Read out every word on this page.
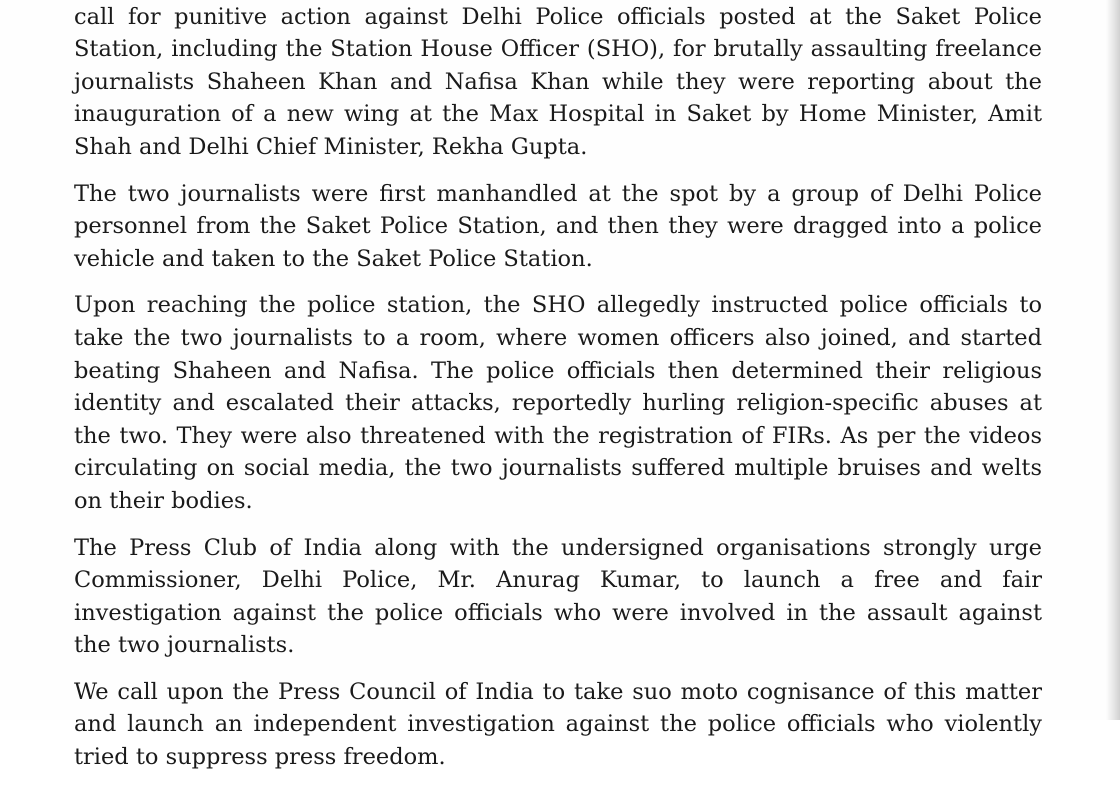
call for punitive action against Delhi Police officials posted at the Saket Police Station, including the Station House Officer (SHO), for brutally assaulting freelance journalists Shaheen Khan and Nafisa Khan while they were reporting about the inauguration of a new wing at the Max Hospital in Saket by Home Minister, Amit Shah and Delhi Chief Minister, Rekha Gupta.

The two journalists were first manhandled at the spot by a group of Delhi Police personnel from the Saket Police Station, and then they were dragged into a police vehicle and taken to the Saket Police Station.

Upon reaching the police station, the SHO allegedly instructed police officials to take the two journalists to a room, where women officers also joined, and started beating Shaheen and Nafisa. The police officials then determined their religious identity and escalated their attacks, reportedly hurling religion-specific abuses at the two. They were also threatened with the registration of FIRs. As per the videos circulating on social media, the two journalists suffered multiple bruises and welts on their bodies.

The Press Club of India along with the undersigned organisations strongly urge Commissioner, Delhi Police, Mr. Anurag Kumar, to launch a free and fair investigation against the police officials who were involved in the assault against the two journalists.

We call upon the Press Council of India to take suo moto cognisance of this matter and launch an independent investigation against the police officials who violently tried to suppress press freedom.
